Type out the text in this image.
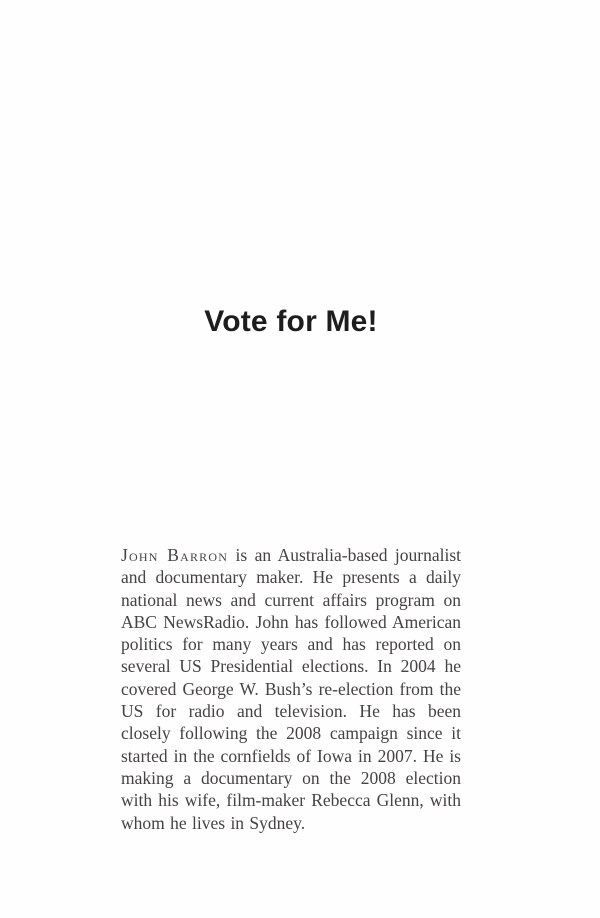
Vote for Me!

John Barron is an Australia-based journalist and documentary maker. He presents a daily national news and current affairs program on ABC NewsRadio. John has followed American politics for many years and has reported on several US Presidential elections. In 2004 he covered George W. Bush’s re-election from the US for radio and television. He has been closely following the 2008 campaign since it started in the cornfields of Iowa in 2007. He is making a documentary on the 2008 election with his wife, film-maker Rebecca Glenn, with whom he lives in Sydney.
